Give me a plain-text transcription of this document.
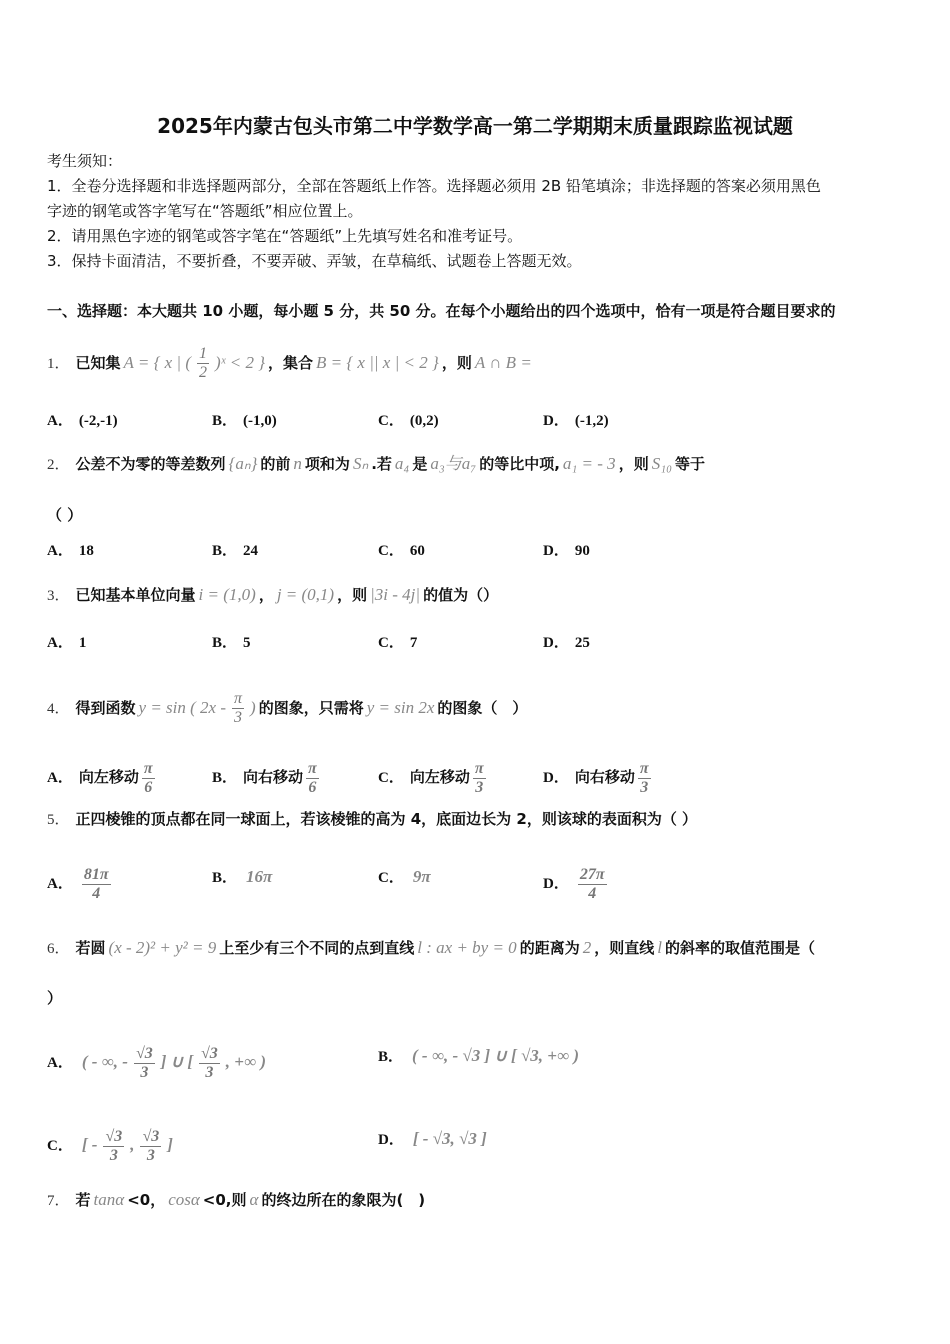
2025年内蒙古包头市第二中学数学高一第二学期期末质量跟踪监视试题
考生须知：
1．全卷分选择题和非选择题两部分，全部在答题纸上作答。选择题必须用 2B 铅笔填涂；非选择题的答案必须用黑色
字迹的钢笔或答字笔写在“答题纸”相应位置上。
2．请用黑色字迹的钢笔或答字笔在“答题纸”上先填写姓名和准考证号。
3．保持卡面清洁，不要折叠，不要弄破、弄皱，在草稿纸、试题卷上答题无效。
一、选择题：本大题共 10 小题，每小题 5 分，共 50 分。在每个小题给出的四个选项中，恰有一项是符合题目要求的
1． 已知集 A = { x | ( $\frac{1}{2}$ )ˣ < 2 } ，集合 B = { x || x | < 2 } ，则 A ∩ B =
A． (-2,-1)	B． (-1,0)	C． (0,2)	D． (-1,2)
2． 公差不为零的等差数列 {aₙ} 的前 n 项和为 Sₙ .若 a₄ 是 a₃与a₇ 的等比中项, a₁ = - 3 ，则 S₁₀ 等于
（ ）
A． 18	B． 24	C． 60	D． 90
3． 已知基本单位向量 i = (1,0) ， j = (0,1) ，则 |3i - 4j| 的值为（）
A． 1	B． 5	C． 7	D． 25
4． 得到函数 y = sin ( $2x - \frac{\pi}{3}$ ) 的图象，只需将 y = sin 2x 的图象（　）
A． 向左移动 $\frac{\pi}{6}$	B． 向右移动 $\frac{\pi}{6}$	C． 向左移动 $\frac{\pi}{3}$	D． 向右移动 $\frac{\pi}{3}$
5． 正四棱锥的顶点都在同一球面上，若该棱锥的高为 4，底面边长为 2，则该球的表面积为（ ）
A． $\frac{81\pi}{4}$	B． 16π	C． 9π	D． $\frac{27\pi}{4}$
6． 若圆 (x - 2)² + y² = 9 上至少有三个不同的点到直线 l : ax + by = 0 的距离为 2 ，则直线 l 的斜率的取值范围是（
）
A． ( - ∞, - $\frac{√3}{3}$ ] ∪ [ $\frac{√3}{3}$ , +∞ )	B． ( - ∞, - √3 ] ∪ [ √3, +∞ )
C． [ - $\frac{√3}{3}$ , $\frac{√3}{3}$ ]	D． [ - √3, √3 ]
7． 若 tanα <0， cosα <0,则 α 的终边所在的象限为(　)
